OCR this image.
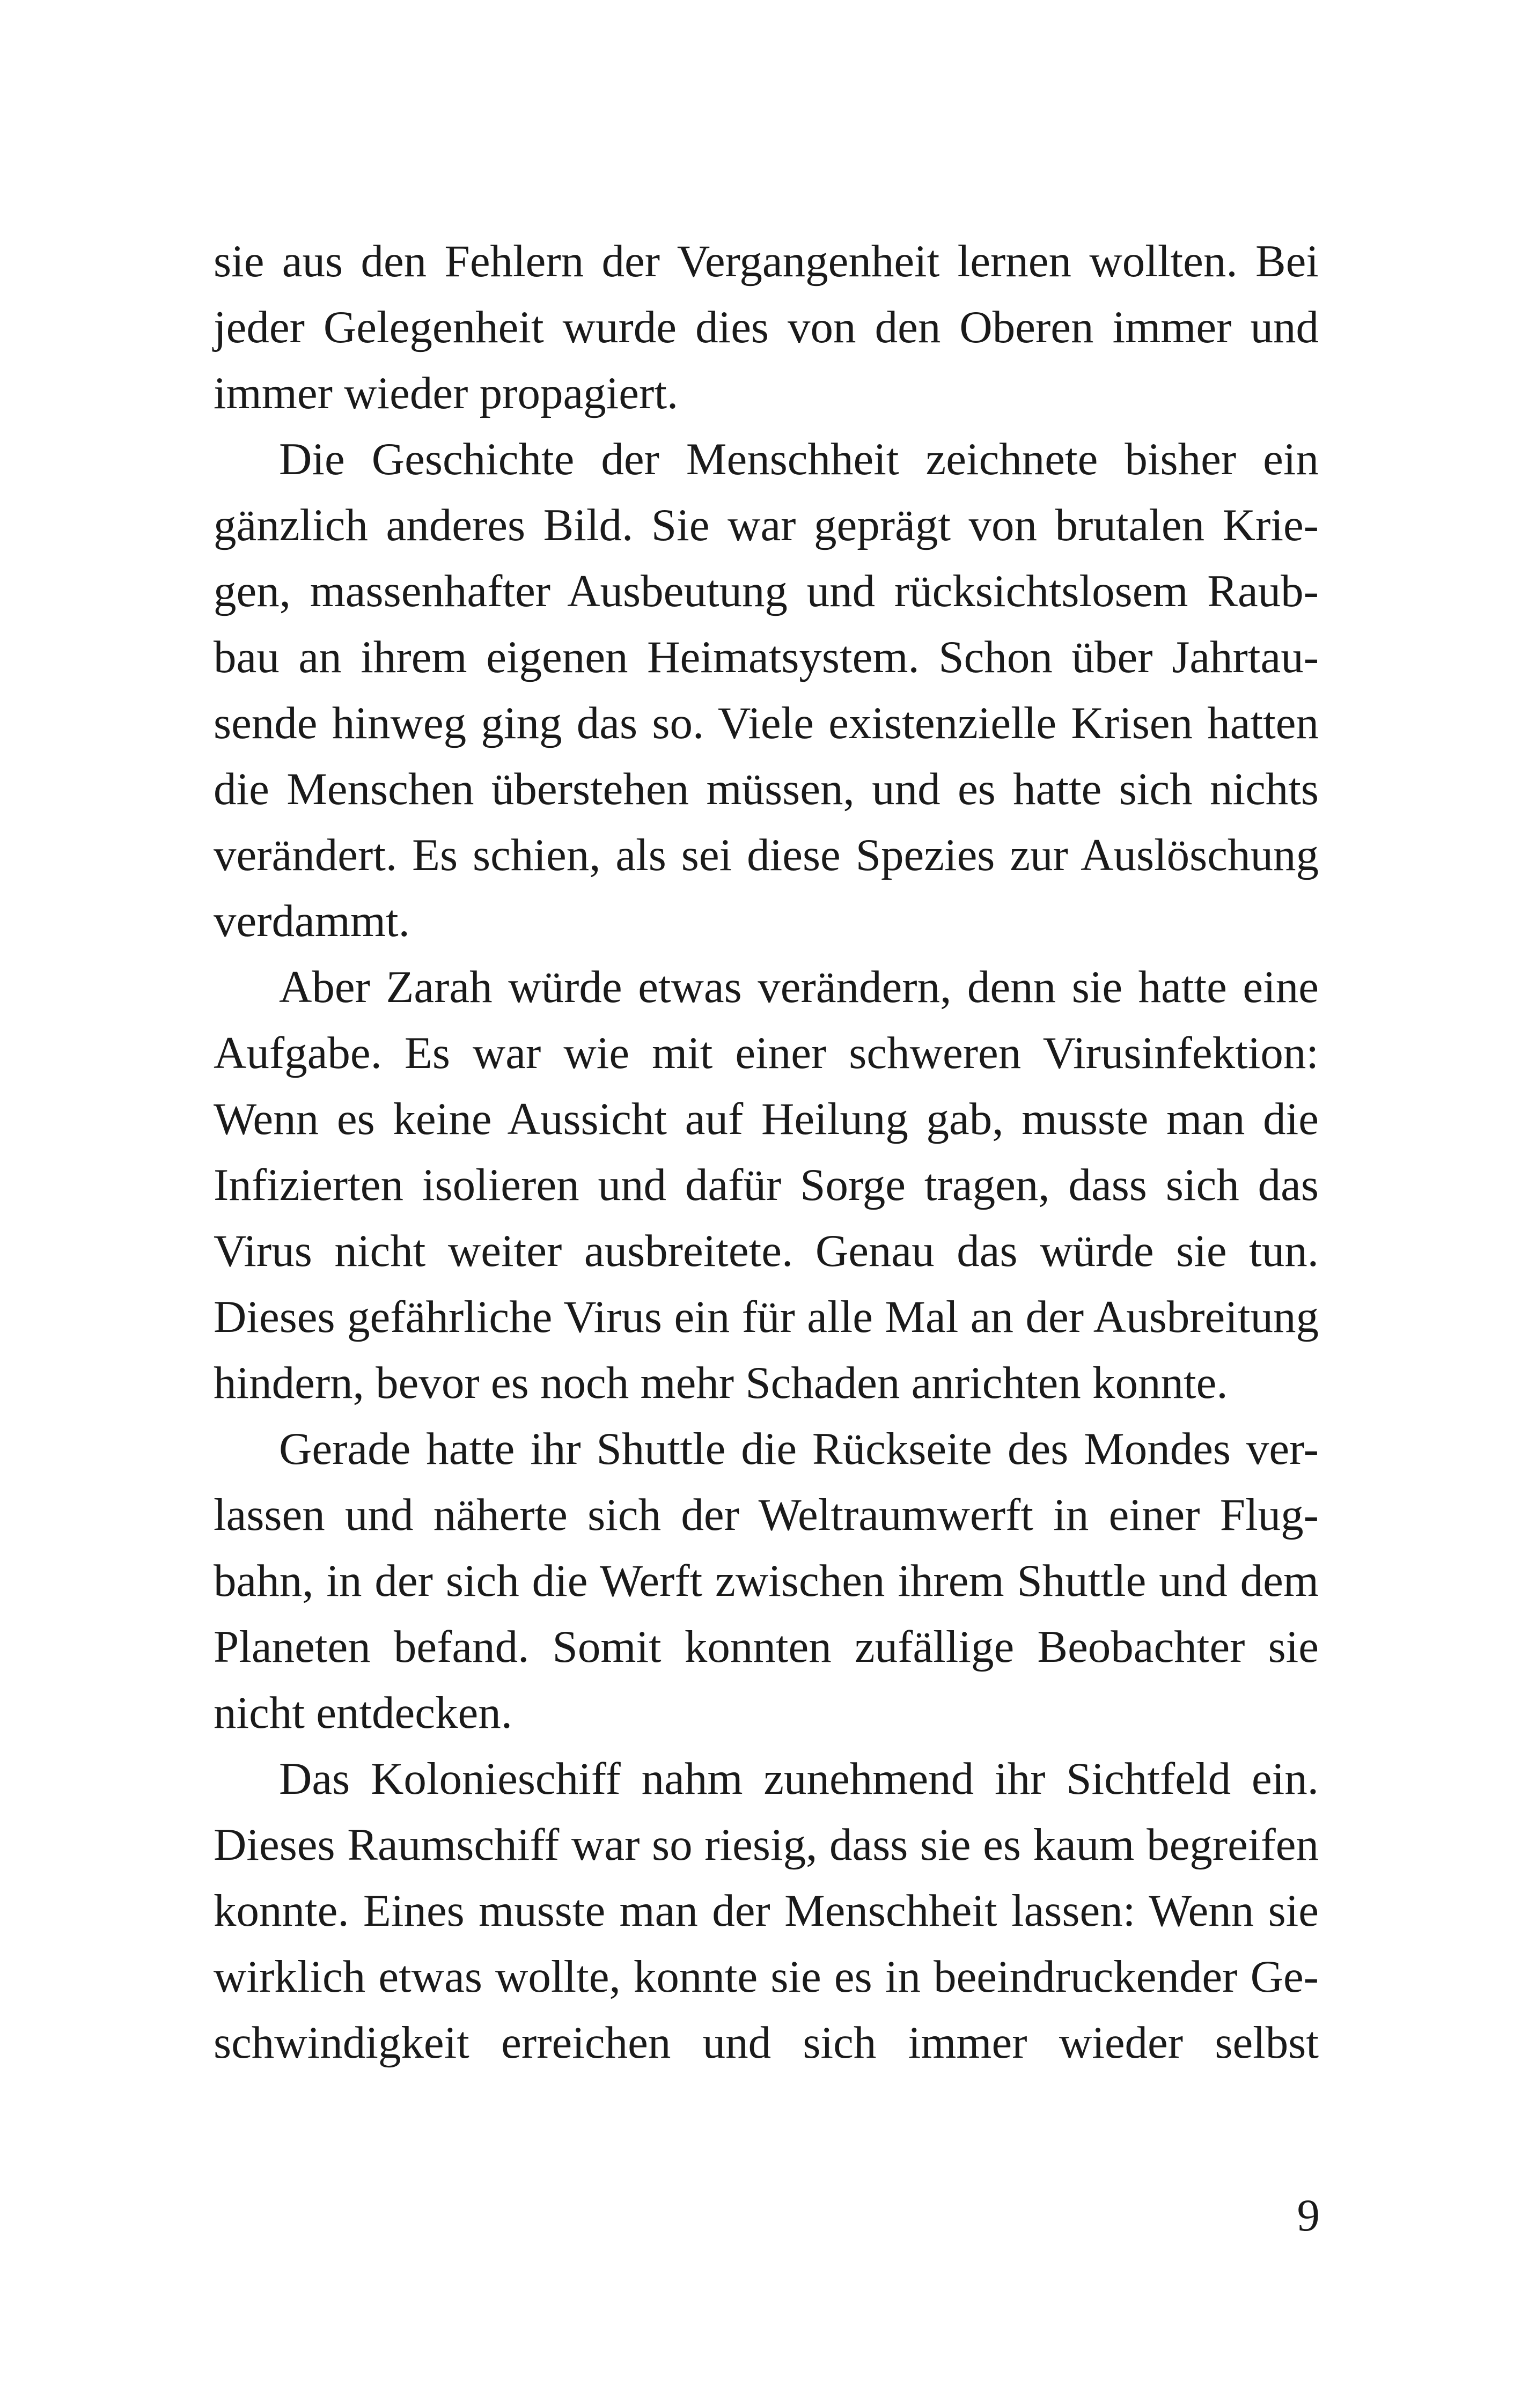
sie aus den Fehlern der Vergangenheit lernen wollten. Bei
jeder Gelegenheit wurde dies von den Oberen immer und
immer wieder propagiert.
Die Geschichte der Menschheit zeichnete bisher ein
gänzlich anderes Bild. Sie war geprägt von brutalen Krie-
gen, massenhafter Ausbeutung und rücksichtslosem Raub-
bau an ihrem eigenen Heimatsystem. Schon über Jahrtau-
sende hinweg ging das so. Viele existenzielle Krisen hatten
die Menschen überstehen müssen, und es hatte sich nichts
verändert. Es schien, als sei diese Spezies zur Auslöschung
verdammt.
Aber Zarah würde etwas verändern, denn sie hatte eine
Aufgabe. Es war wie mit einer schweren Virusinfektion:
Wenn es keine Aussicht auf Heilung gab, musste man die
Infizierten isolieren und dafür Sorge tragen, dass sich das
Virus nicht weiter ausbreitete. Genau das würde sie tun.
Dieses gefährliche Virus ein für alle Mal an der Ausbreitung
hindern, bevor es noch mehr Schaden anrichten konnte.
Gerade hatte ihr Shuttle die Rückseite des Mondes ver-
lassen und näherte sich der Weltraumwerft in einer Flug-
bahn, in der sich die Werft zwischen ihrem Shuttle und dem
Planeten befand. Somit konnten zufällige Beobachter sie
nicht entdecken.
Das Kolonieschiff nahm zunehmend ihr Sichtfeld ein.
Dieses Raumschiff war so riesig, dass sie es kaum begreifen
konnte. Eines musste man der Menschheit lassen: Wenn sie
wirklich etwas wollte, konnte sie es in beeindruckender Ge-
schwindigkeit erreichen und sich immer wieder selbst
9
